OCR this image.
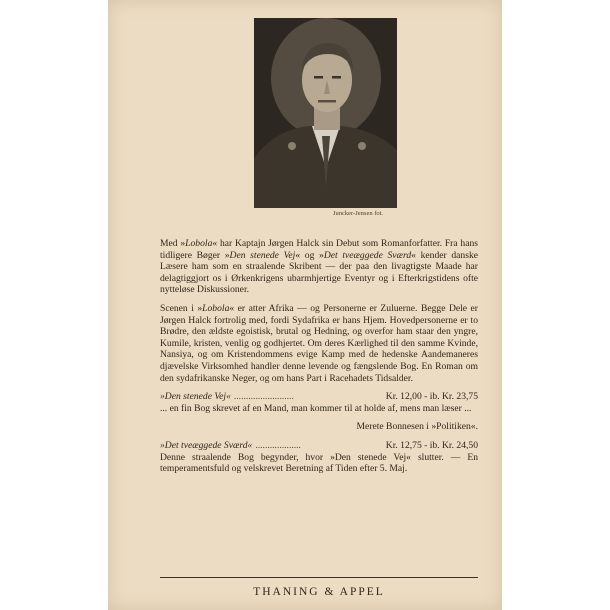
Juncker-Jensen fot.

Med »Lobola« har Kaptajn Jørgen Halck sin Debut som Romanforfatter. Fra hans tidligere Bøger »Den stenede Vej« og »Det tveæggede Sværd« kender danske Læsere ham som en straalende Skribent — der paa den livagtigste Maade har delagtiggjort os i Ørkenkrigens ubarmhjertige Eventyr og i Efterkrigstidens ofte nytteløse Diskussioner.

Scenen i »Lobola« er atter Afrika — og Personerne er Zuluerne. Begge Dele er Jørgen Halck fortrolig med, fordi Sydafrika er hans Hjem. Hovedpersonerne er to Brødre, den ældste egoistisk, brutal og Hedning, og overfor ham staar den yngre, Kumile, kristen, venlig og godhjertet. Om deres Kærlighed til den samme Kvinde, Nansiya, og om Kristendommens evige Kamp med de hedenske Aandemaneres djævelske Virksomhed handler denne levende og fængslende Bog. En Roman om den sydafrikanske Neger, og om hans Part i Racehadets Tidsalder.

»Den stenede Vej« .........................	Kr. 12,00 - ib. Kr. 23,75

... en fin Bog skrevet af en Mand, man kommer til at holde af, mens man læser ...

Merete Bonnesen i »Politiken«.

»Det tveæggede Sværd« ...................	Kr. 12,75 - ib. Kr. 24,50

Denne straalende Bog begynder, hvor »Den stenede Vej« slutter. — En temperamentsfuld og velskrevet Beretning af Tiden efter 5. Maj.

THANING & APPEL
